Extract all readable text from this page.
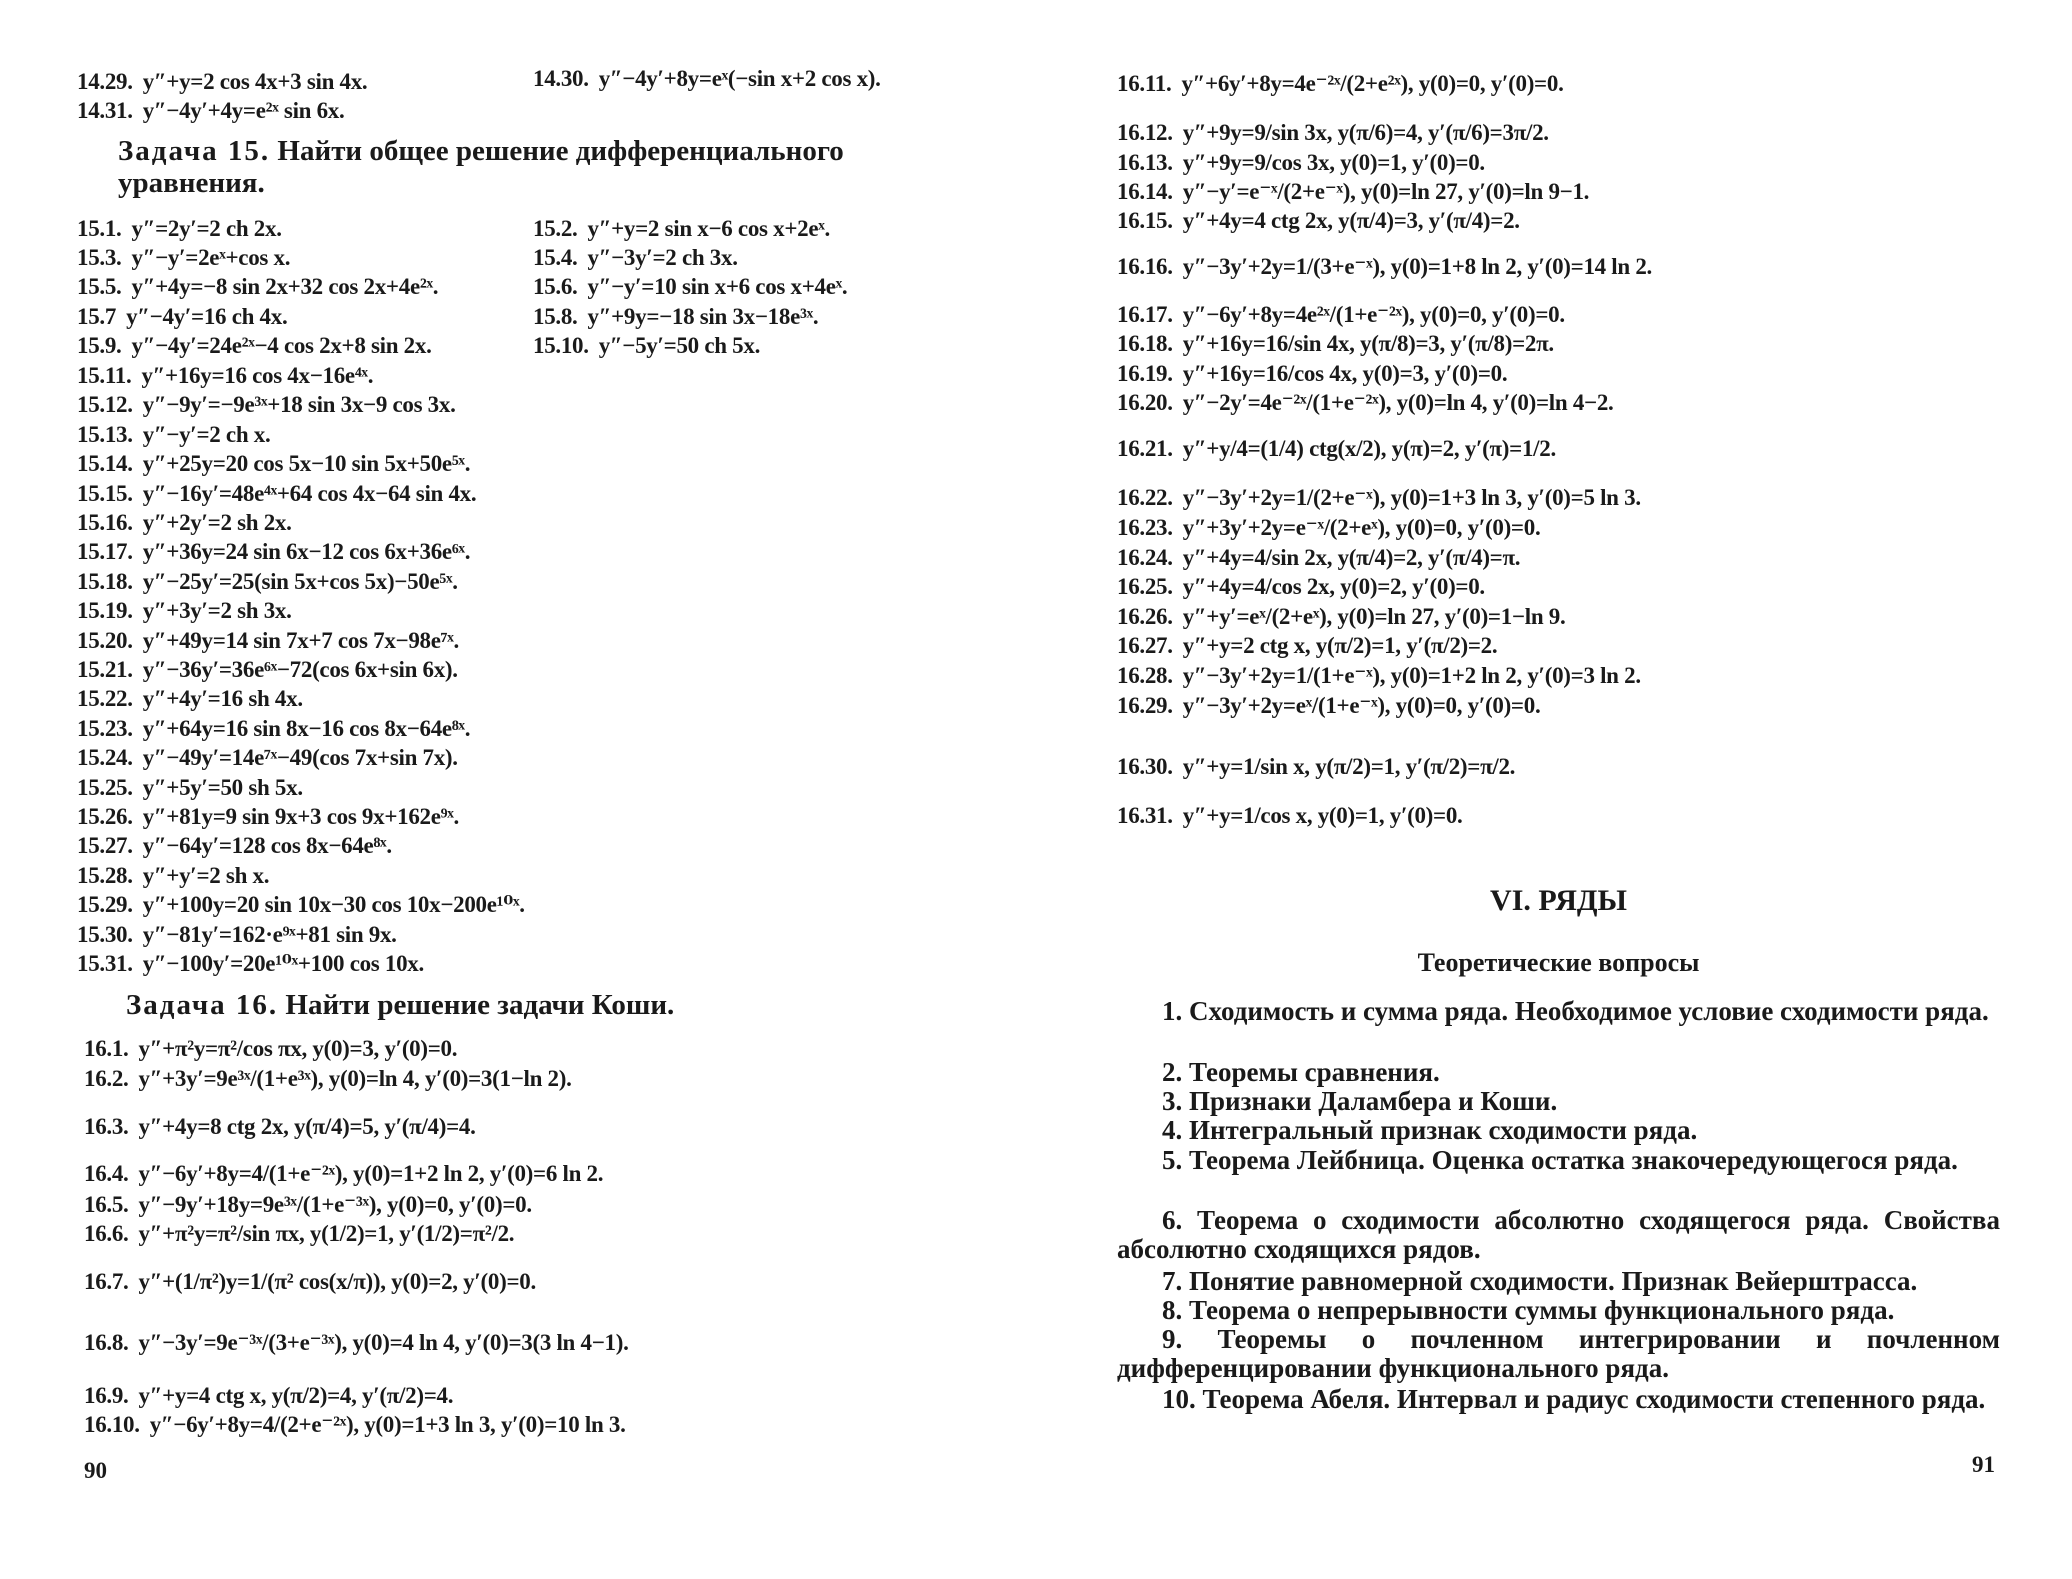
14.29. y″+y=2 cos 4x+3 sin 4x.	14.30. y″−4y′+8y=eˣ(−sin x+2 cos x).
14.31. y″−4y′+4y=e²ˣ sin 6x.
Задача 15. Найти общее решение дифференциального уравнения.
Задача 16. Найти решение задачи Коши.
90
VI. РЯДЫ
Теоретические вопросы
91
15.1. y″=2y′=2 ch 2x.	15.2. y″+y=2 sin x−6 cos x+2eˣ.
15.3. y″−y′=2eˣ+cos x.	15.4. y″−3y′=2 ch 3x.
15.5. y″+4y=−8 sin 2x+32 cos 2x+4e²ˣ.	15.6. y″−y′=10 sin x+6 cos x+4eˣ.
15.7 y″−4y′=16 ch 4x.	15.8. y″+9y=−18 sin 3x−18e³ˣ.
15.9. y″−4y′=24e²ˣ−4 cos 2x+8 sin 2x.	15.10. y″−5y′=50 ch 5x.
15.11. y″+16y=16 cos 4x−16e⁴ˣ.
15.12. y″−9y′=−9e³ˣ+18 sin 3x−9 cos 3x.
15.13. y″−y′=2 ch x.
15.14. y″+25y=20 cos 5x−10 sin 5x+50e⁵ˣ.
15.15. y″−16y′=48e⁴ˣ+64 cos 4x−64 sin 4x.
15.16. y″+2y′=2 sh 2x.
15.17. y″+36y=24 sin 6x−12 cos 6x+36e⁶ˣ.
15.18. y″−25y′=25(sin 5x+cos 5x)−50e⁵ˣ.
15.19. y″+3y′=2 sh 3x.
15.20. y″+49y=14 sin 7x+7 cos 7x−98e⁷ˣ.
15.21. y″−36y′=36e⁶ˣ−72(cos 6x+sin 6x).
15.22. y″+4y′=16 sh 4x.
15.23. y″+64y=16 sin 8x−16 cos 8x−64e⁸ˣ.
15.24. y″−49y′=14e⁷ˣ−49(cos 7x+sin 7x).
15.25. y″+5y′=50 sh 5x.
15.26. y″+81y=9 sin 9x+3 cos 9x+162e⁹ˣ.
15.27. y″−64y′=128 cos 8x−64e⁸ˣ.
15.28. y″+y′=2 sh x.
15.29. y″+100y=20 sin 10x−30 cos 10x−200e¹⁰ˣ.
15.30. y″−81y′=162·e⁹ˣ+81 sin 9x.
15.31. y″−100y′=20e¹⁰ˣ+100 cos 10x.
16.1. y″+π²y=π²/cos πx, y(0)=3, y′(0)=0.
16.2. y″+3y′=9e³ˣ/(1+e³ˣ), y(0)=ln 4, y′(0)=3(1−ln 2).
16.3. y″+4y=8 ctg 2x, y(π/4)=5, y′(π/4)=4.
16.4. y″−6y′+8y=4/(1+e⁻²ˣ), y(0)=1+2 ln 2, y′(0)=6 ln 2.
16.5. y″−9y′+18y=9e³ˣ/(1+e⁻³ˣ), y(0)=0, y′(0)=0.
16.6. y″+π²y=π²/sin πx, y(1/2)=1, y′(1/2)=π²/2.
16.7. y″+(1/π²)y=1/(π² cos(x/π)), y(0)=2, y′(0)=0.
16.8. y″−3y′=9e⁻³ˣ/(3+e⁻³ˣ), y(0)=4 ln 4, y′(0)=3(3 ln 4−1).
16.9. y″+y=4 ctg x, y(π/2)=4, y′(π/2)=4.
16.10. y″−6y′+8y=4/(2+e⁻²ˣ), y(0)=1+3 ln 3, y′(0)=10 ln 3.
16.11. y″+6y′+8y=4e⁻²ˣ/(2+e²ˣ), y(0)=0, y′(0)=0.
16.12. y″+9y=9/sin 3x, y(π/6)=4, y′(π/6)=3π/2.
16.13. y″+9y=9/cos 3x, y(0)=1, y′(0)=0.
16.14. y″−y′=e⁻ˣ/(2+e⁻ˣ), y(0)=ln 27, y′(0)=ln 9−1.
16.15. y″+4y=4 ctg 2x, y(π/4)=3, y′(π/4)=2.
16.16. y″−3y′+2y=1/(3+e⁻ˣ), y(0)=1+8 ln 2, y′(0)=14 ln 2.
16.17. y″−6y′+8y=4e²ˣ/(1+e⁻²ˣ), y(0)=0, y′(0)=0.
16.18. y″+16y=16/sin 4x, y(π/8)=3, y′(π/8)=2π.
16.19. y″+16y=16/cos 4x, y(0)=3, y′(0)=0.
16.20. y″−2y′=4e⁻²ˣ/(1+e⁻²ˣ), y(0)=ln 4, y′(0)=ln 4−2.
16.21. y″+y/4=(1/4) ctg(x/2), y(π)=2, y′(π)=1/2.
16.22. y″−3y′+2y=1/(2+e⁻ˣ), y(0)=1+3 ln 3, y′(0)=5 ln 3.
16.23. y″+3y′+2y=e⁻ˣ/(2+eˣ), y(0)=0, y′(0)=0.
16.24. y″+4y=4/sin 2x, y(π/4)=2, y′(π/4)=π.
16.25. y″+4y=4/cos 2x, y(0)=2, y′(0)=0.
16.26. y″+y′=eˣ/(2+eˣ), y(0)=ln 27, y′(0)=1−ln 9.
16.27. y″+y=2 ctg x, y(π/2)=1, y′(π/2)=2.
16.28. y″−3y′+2y=1/(1+e⁻ˣ), y(0)=1+2 ln 2, y′(0)=3 ln 2.
16.29. y″−3y′+2y=eˣ/(1+e⁻ˣ), y(0)=0, y′(0)=0.
16.30. y″+y=1/sin x, y(π/2)=1, y′(π/2)=π/2.
16.31. y″+y=1/cos x, y(0)=1, y′(0)=0.
1. Сходимость и сумма ряда. Необходимое условие сходимости ряда.
2. Теоремы сравнения.
3. Признаки Даламбера и Коши.
4. Интегральный признак сходимости ряда.
5. Теорема Лейбница. Оценка остатка знакочередующегося ряда.
6. Теорема о сходимости абсолютно сходящегося ряда. Свойства абсолютно сходящихся рядов.
7. Понятие равномерной сходимости. Признак Вейерштрасса.
8. Теорема о непрерывности суммы функционального ряда.
9. Теоремы о почленном интегрировании и почленном дифференцировании функционального ряда.
10. Теорема Абеля. Интервал и радиус сходимости степенного ряда.
